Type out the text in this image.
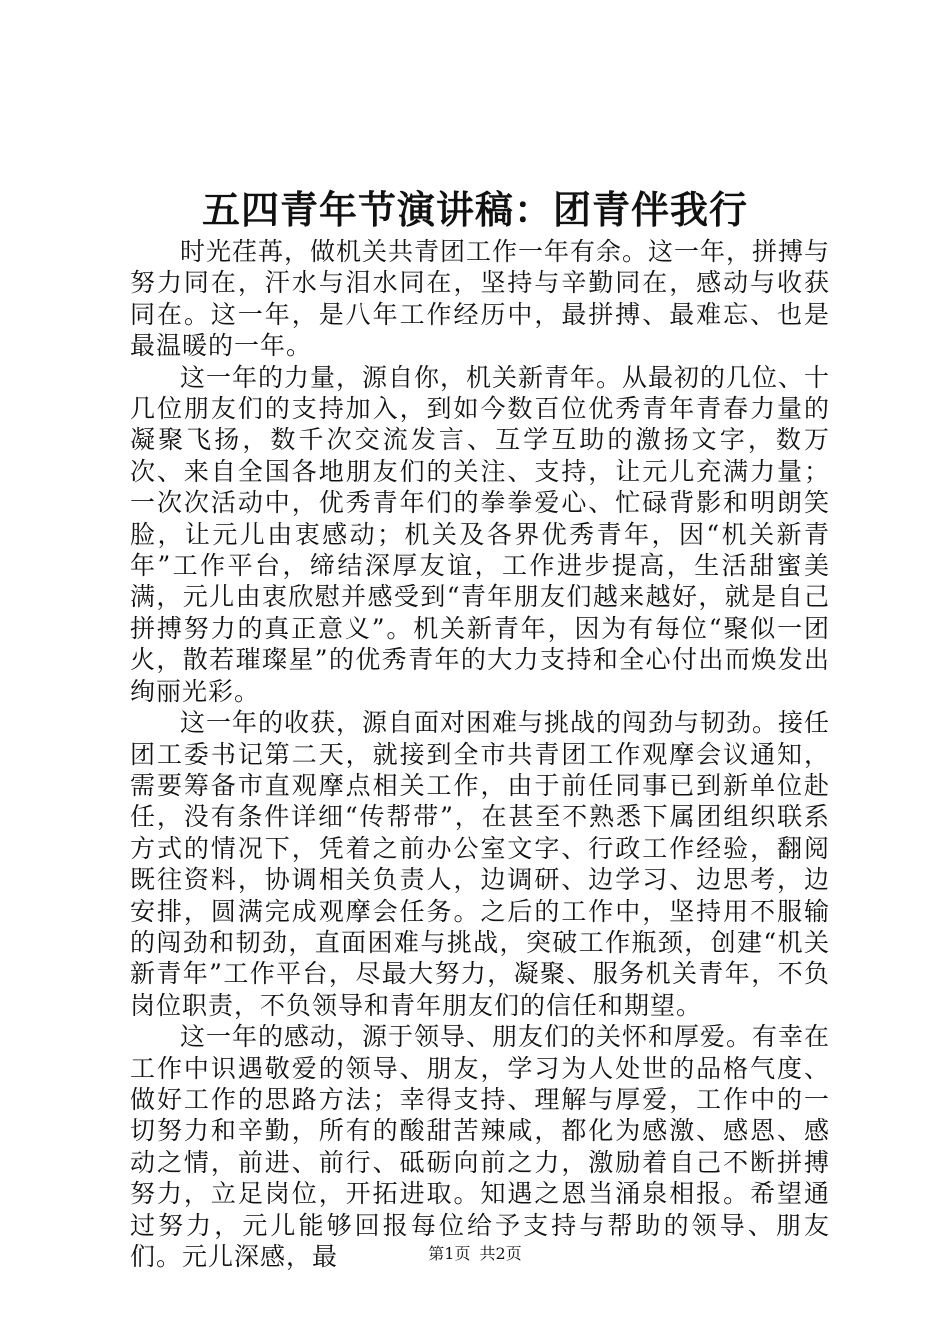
五四青年节演讲稿：团青伴我行

时光荏苒，做机关共青团工作一年有余。这一年，拼搏与努力同在，汗水与泪水同在，坚持与辛勤同在，感动与收获同在。这一年，是八年工作经历中，最拼搏、最难忘、也是最温暖的一年。

这一年的力量，源自你，机关新青年。从最初的几位、十几位朋友们的支持加入，到如今数百位优秀青年青春力量的凝聚飞扬，数千次交流发言、互学互助的激扬文字，数万次、来自全国各地朋友们的关注、支持，让元儿充满力量；一次次活动中，优秀青年们的拳拳爱心、忙碌背影和明朗笑脸，让元儿由衷感动；机关及各界优秀青年，因“机关新青年”工作平台，缔结深厚友谊，工作进步提高，生活甜蜜美满，元儿由衷欣慰并感受到“青年朋友们越来越好，就是自己拼搏努力的真正意义”。机关新青年，因为有每位“聚似一团火，散若璀璨星”的优秀青年的大力支持和全心付出而焕发出绚丽光彩。

这一年的收获，源自面对困难与挑战的闯劲与韧劲。接任团工委书记第二天，就接到全市共青团工作观摩会议通知，需要筹备市直观摩点相关工作，由于前任同事已到新单位赴任，没有条件详细“传帮带”，在甚至不熟悉下属团组织联系方式的情况下，凭着之前办公室文字、行政工作经验，翻阅既往资料，协调相关负责人，边调研、边学习、边思考，边安排，圆满完成观摩会任务。之后的工作中，坚持用不服输的闯劲和韧劲，直面困难与挑战，突破工作瓶颈，创建“机关新青年”工作平台，尽最大努力，凝聚、服务机关青年，不负岗位职责，不负领导和青年朋友们的信任和期望。

这一年的感动，源于领导、朋友们的关怀和厚爱。有幸在工作中识遇敬爱的领导、朋友，学习为人处世的品格气度、做好工作的思路方法；幸得支持、理解与厚爱，工作中的一切努力和辛勤，所有的酸甜苦辣咸，都化为感激、感恩、感动之情，前进、前行、砥砺向前之力，激励着自己不断拼搏努力，立足岗位，开拓进取。知遇之恩当涌泉相报。希望通过努力，元儿能够回报每位给予支持与帮助的领导、朋友们。元儿深感，最	第1页 共2页
